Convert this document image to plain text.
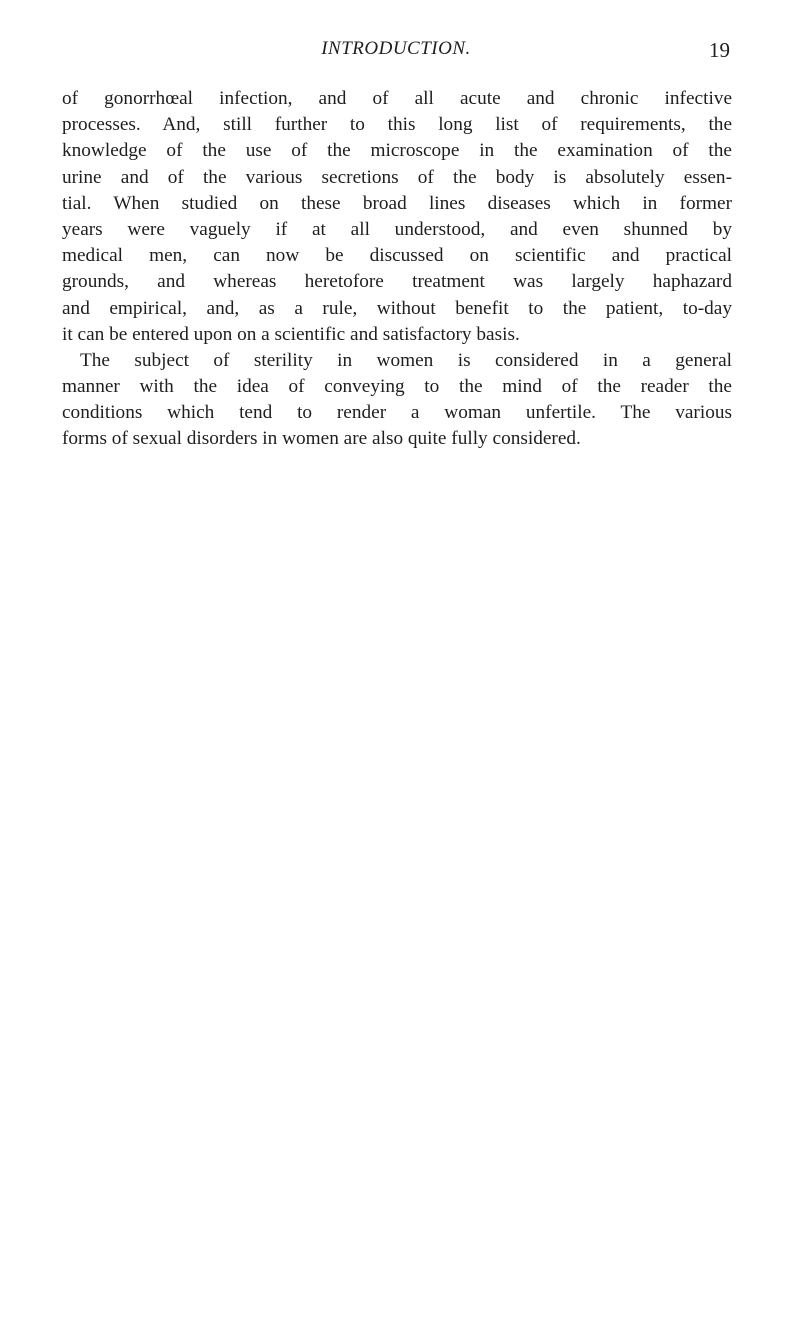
INTRODUCTION.	19
of gonorrhœal infection, and of all acute and chronic infective
processes. And, still further to this long list of requirements, the
knowledge of the use of the microscope in the examination of the
urine and of the various secretions of the body is absolutely essen-
tial. When studied on these broad lines diseases which in former
years were vaguely if at all understood, and even shunned by
medical men, can now be discussed on scientific and practical
grounds, and whereas heretofore treatment was largely haphazard
and empirical, and, as a rule, without benefit to the patient, to-day
it can be entered upon on a scientific and satisfactory basis.
The subject of sterility in women is considered in a general
manner with the idea of conveying to the mind of the reader the
conditions which tend to render a woman unfertile. The various
forms of sexual disorders in women are also quite fully considered.
